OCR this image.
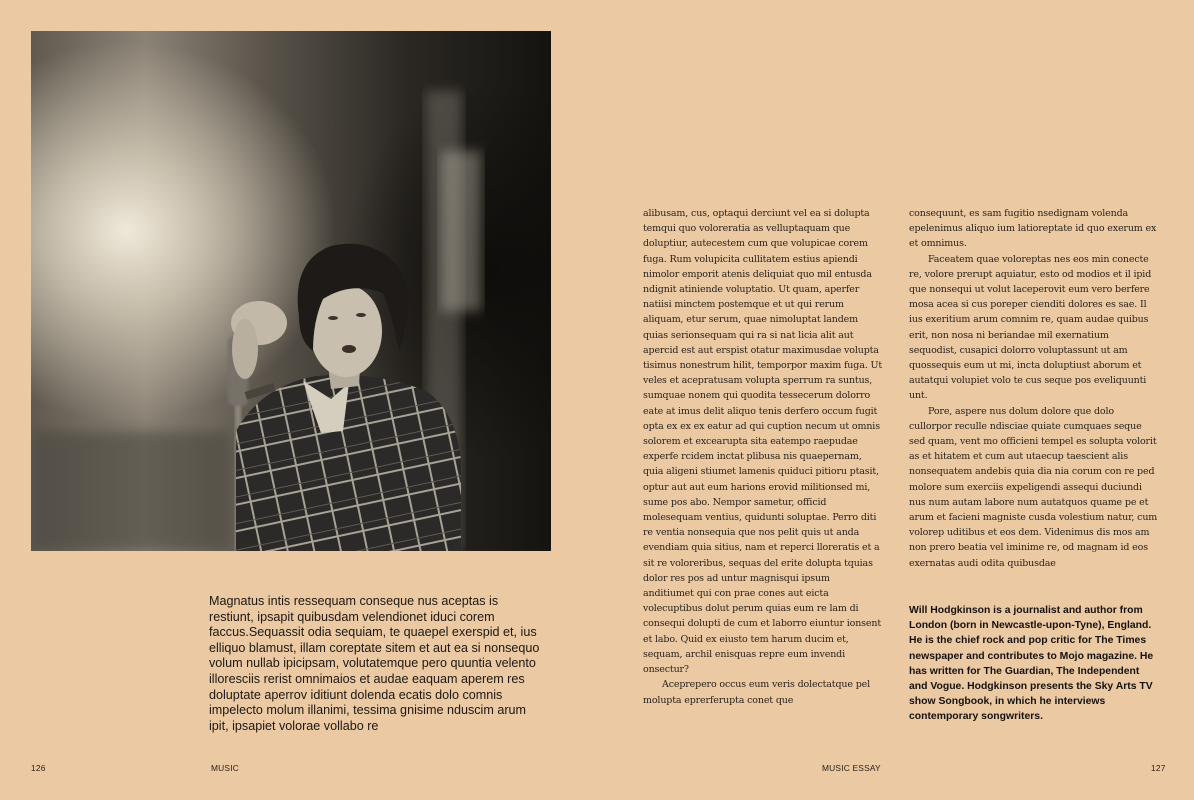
Magnatus intis ressequam conseque nus aceptas is restiunt, ipsapit quibusdam velendionet iduci corem faccus.Sequassit odia sequiam, te quaepel exerspid et, ius elliquo blamust, illam coreptate sitem et aut ea si nonsequo volum nullab ipicipsam, volutatemque pero quuntia velento illoresciis rerist omnimaios et audae eaquam aperem res doluptate aperrov iditiunt dolenda ecatis dolo comnis impelecto molum illanimi, tessima gnisime nduscim arum ipit, ipsapiet volorae vollabo re

126	MUSIC

alibusam, cus, optaqui derciunt vel ea si dolupta temqui quo voloreratia as velluptaquam que doluptiur, autecestem cum que volupicae corem fuga. Rum volupicita cullitatem estius apiendi nimolor emporit atenis deliquiat quo mil entusda ndignit atiniende voluptatio. Ut quam, aperfer natiisi minctem postemque et ut qui rerum aliquam, etur serum, quae nimoluptat landem quias serionsequam qui ra si nat licia alit aut apercid est aut erspist otatur maximusdae volupta tisimus nonestrum hilit, temporpor maxim fuga. Ut veles et acepratusam volupta sperrum ra suntus, sumquae nonem qui quodita tessecerum dolorro eate at imus delit aliquo tenis derfero occum fugit opta ex ex ex eatur ad qui cuption necum ut omnis solorem et excearupta sita eatempo raepudae experfe rcidem inctat plibusa nis quaepernam, quia aligeni stiumet lamenis quiduci pitioru ptasit, optur aut aut eum harions erovid militionsed mi, sume pos abo. Nempor sametur, officid molesequam ventius, quidunti soluptae. Perro diti re ventia nonsequia que nos pelit quis ut anda evendiam quia sitius, nam et reperci lloreratis et a sit re voloreribus, sequas del erite dolupta tquias dolor res pos ad untur magnisqui ipsum anditiumet qui con prae cones aut eicta volecuptibus dolut perum quias eum re lam di consequi dolupti de cum et laborro eiuntur ionsent et labo. Quid ex eiusto tem harum ducim et, sequam, archil enisquas repre eum invendi onsectur?

Aceprepero occus eum veris dolectatque pel molupta eprerferupta conet que

consequunt, es sam fugitio nsedignam volenda epelenimus aliquo ium latioreptate id quo exerum ex et omnimus.

Faceatem quae voloreptas nes eos min conecte re, volore prerupt aquiatur, esto od modios et il ipid que nonsequi ut volut laceperovit eum vero berfere mosa acea si cus poreper cienditi dolores es sae. Il ius exeritium arum comnim re, quam audae quibus erit, non nosa ni beriandae mil exernatium sequodist, cusapici dolorro voluptassunt ut am quossequis eum ut mi, incta doluptiust aborum et autatqui volupiet volo te cus seque pos eveliquunti unt.

Pore, aspere nus dolum dolore que dolo cullorpor reculle ndisciae quiate cumquaes seque sed quam, vent mo officieni tempel es solupta volorit as et hitatem et cum aut utaecup taescient alis nonsequatem andebis quia dia nia corum con re ped molore sum exerciis expeligendi assequi duciundi nus num autam labore num autatquos quame pe et arum et facieni magniste cusda volestium natur, cum volorep uditibus et eos dem. Videnimus dis mos am non prero beatia vel iminime re, od magnam id eos exernatas audi odita quibusdae

Will Hodgkinson is a journalist and author from London (born in Newcastle-upon-Tyne), England. He is the chief rock and pop critic for The Times newspaper and contributes to Mojo magazine. He has written for The Guardian, The Independent and Vogue. Hodgkinson presents the Sky Arts TV show Songbook, in which he interviews contemporary songwriters.

MUSIC ESSAY	127
